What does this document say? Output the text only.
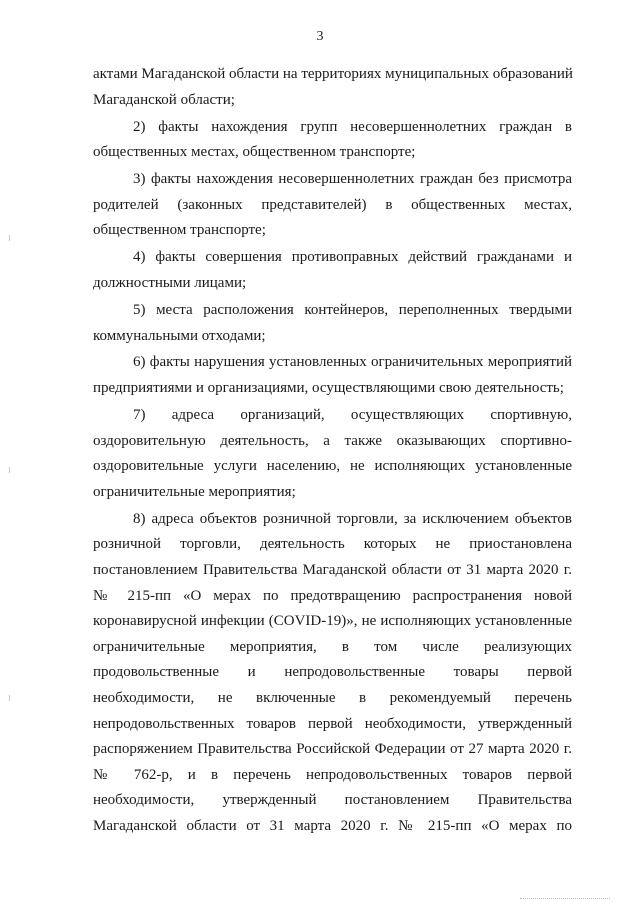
3
актами Магаданской области на территориях муниципальных образований
Магаданской области;
2) факты нахождения групп несовершеннолетних граждан в
общественных местах, общественном транспорте;
3) факты нахождения несовершеннолетних граждан без присмотра
родителей (законных представителей) в общественных местах,
общественном транспорте;
4) факты совершения противоправных действий гражданами и
должностными лицами;
5) места расположения контейнеров, переполненных твердыми
коммунальными отходами;
6) факты нарушения установленных ограничительных мероприятий
предприятиями и организациями, осуществляющими свою деятельность;
7) адреса организаций, осуществляющих спортивную,
оздоровительную деятельность, а также оказывающих спортивно-
оздоровительные услуги населению, не исполняющих установленные
ограничительные мероприятия;
8) адреса объектов розничной торговли, за исключением объектов
розничной торговли, деятельность которых не приостановлена
постановлением Правительства Магаданской области от 31 марта 2020 г.
№ 215-пп «О мерах по предотвращению распространения новой
коронавирусной инфекции (COVID-19)», не исполняющих установленные
ограничительные мероприятия, в том числе реализующих
продовольственные и непродовольственные товары первой
необходимости, не включенные в рекомендуемый перечень
непродовольственных товаров первой необходимости, утвержденный
распоряжением Правительства Российской Федерации от 27 марта 2020 г.
№ 762-р, и в перечень непродовольственных товаров первой
необходимости, утвержденный постановлением Правительства
Магаданской области от 31 марта 2020 г. № 215-пп «О мерах по
